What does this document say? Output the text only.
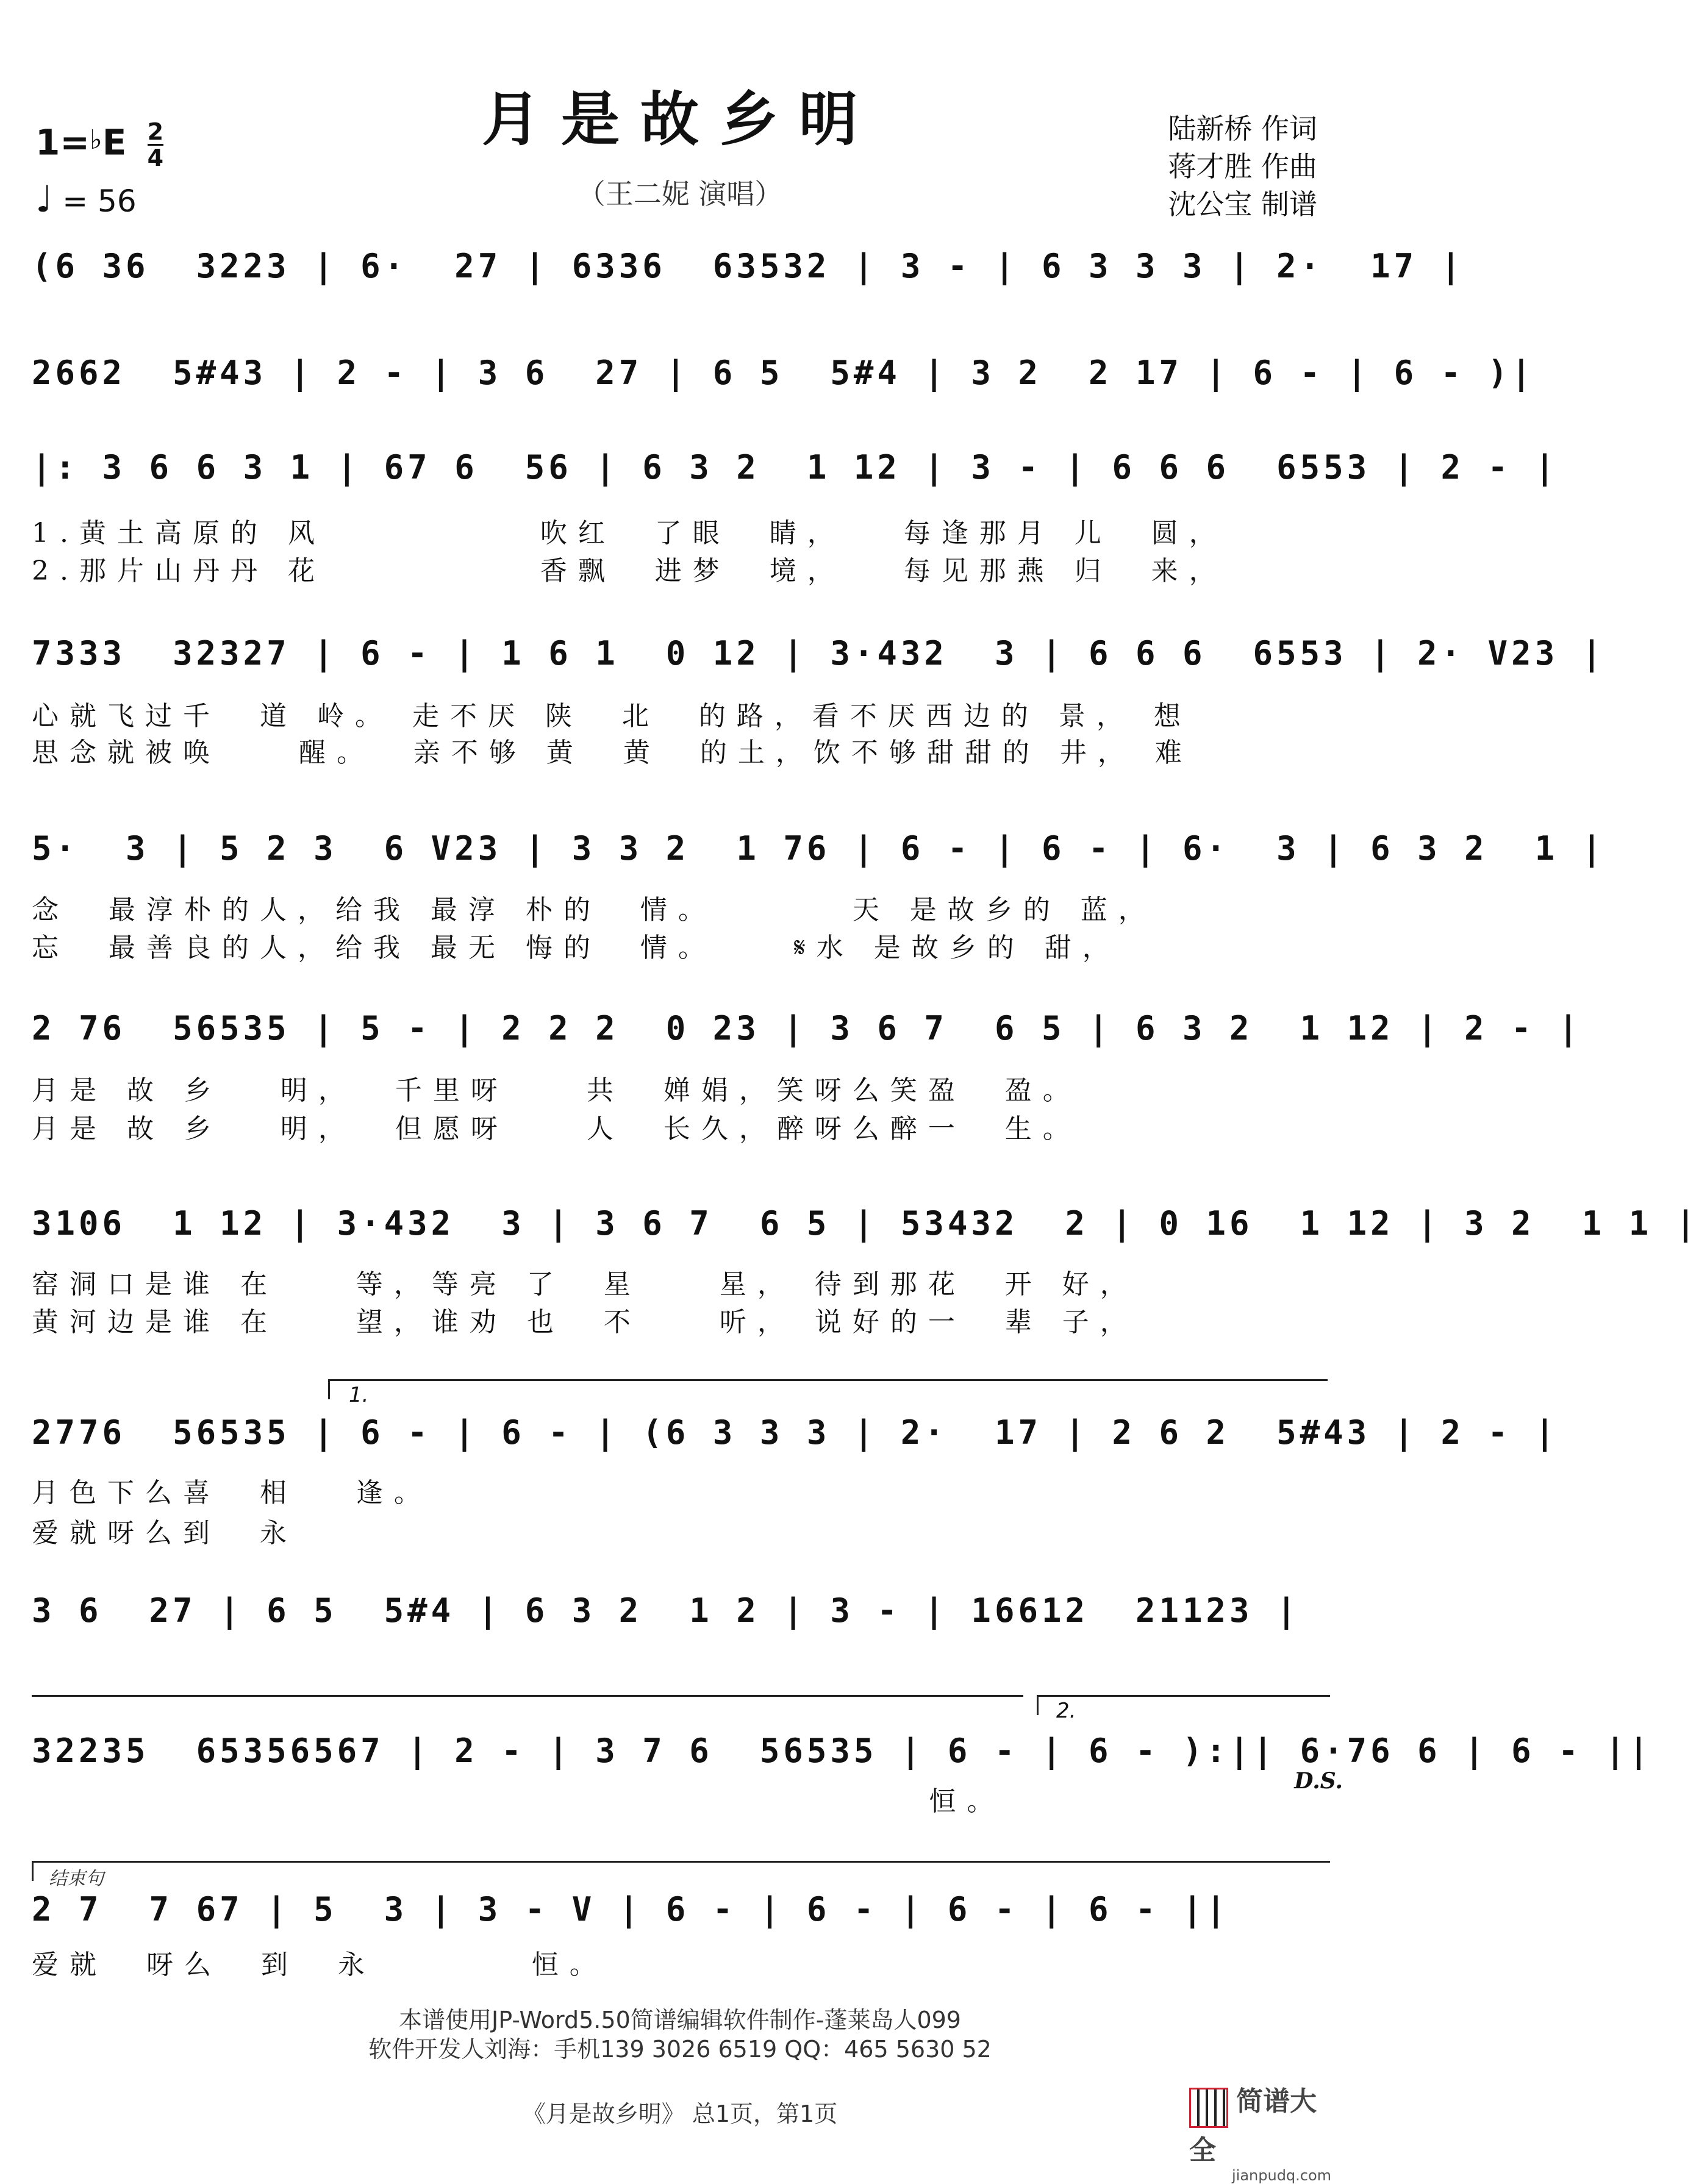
月是故乡明
（王二妮 演唱）
1=♭E $\frac{2}{4}$
♩ = 56
陆新桥 作词
蒋才胜 作曲
沈公宝 制谱
(6 36  3223 | 6·  27 | 6336  63532 | 3 - | 6 3 3 3 | 2·  17 |
2662  5#43 | 2 - | 3 6  27 | 6 5  5#4 | 3 2  2 17 | 6 - | 6 - )|
|: 3 6 6 3 1 | 67 6  56 | 6 3 2  1 12 | 3 - | 6 6 6  6553 | 2 - |
1.黄土高原的 风           吹红  了眼  睛，   每逢那月 儿  圆，
2.那片山丹丹 花           香飘  进梦  境，   每见那燕 归  来，
7333  32327 | 6 - | 1 6 1  0 12 | 3·432  3 | 6 6 6  6553 | 2· V23 |
心就飞过千  道 岭。 走不厌 陕  北  的路，看不厌西边的 景， 想
思念就被唤    醒。  亲不够 黄  黄  的土，饮不够甜甜的 井， 难
5·  3 | 5 2 3  6 V23 | 3 3 2  1 76 | 6 - | 6 - | 6·  3 | 6 3 2  1 |
念  最淳朴的人，给我 最淳 朴的  情。       天 是故乡的 蓝，
忘  最善良的人，给我 最无 悔的  情。    𝄋水 是故乡的 甜，
2 76  56535 | 5 - | 2 2 2  0 23 | 3 6 7  6 5 | 6 3 2  1 12 | 2 - |
月是 故 乡   明，  千里呀    共  婵娟，笑呀么笑盈  盈。
月是 故 乡   明，  但愿呀    人  长久，醉呀么醉一  生。
3106  1 12 | 3·432  3 | 3 6 7  6 5 | 53432  2 | 0 16  1 12 | 3 2  1 1 |
窑洞口是谁 在    等，等亮 了  星    星， 待到那花  开 好，
黄河边是谁 在    望，谁劝 也  不    听， 说好的一  辈 子，
1.
2776  56535 | 6 - | 6 - | (6 3 3 3 | 2·  17 | 2 6 2  5#43 | 2 - |
月色下么喜  相   逢。
爱就呀么到  永
3 6  27 | 6 5  5#4 | 6 3 2  1 2 | 3 - | 16612  21123 |
2.
32235  65356567 | 2 - | 3 7 6  56535 | 6 - | 6 - ):|| 6·76 6 | 6 - ||
恒。
D.S.
结束句
2 7  7 67 | 5  3 | 3 - V | 6 - | 6 - | 6 - | 6 - ||
爱就  呀么  到  永        恒。
本谱使用JP-Word5.50简谱编辑软件制作-蓬莱岛人099
软件开发人刘海：手机139 3026 6519 QQ：465 5630 52
《月是故乡明》 总1页，第1页	简谱大全
jianpudq.com
